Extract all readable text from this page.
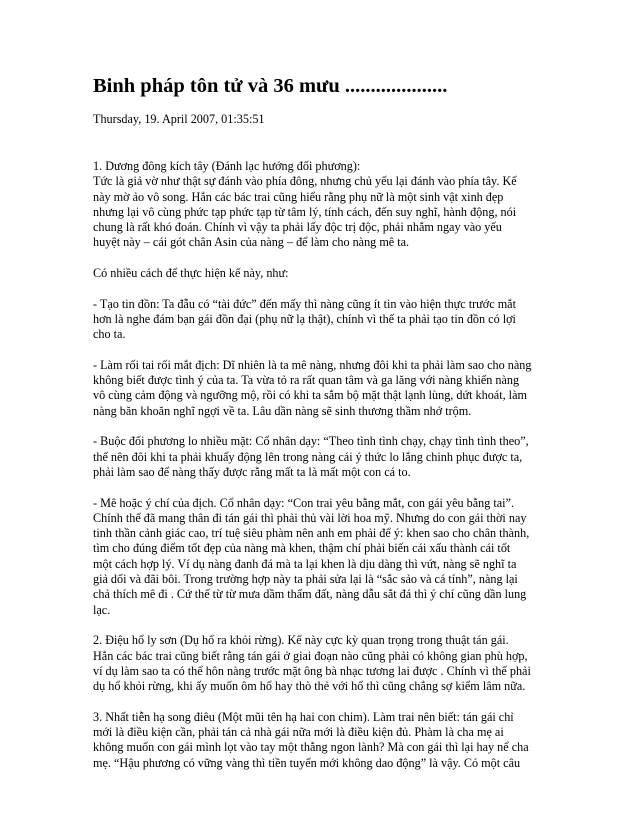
Binh pháp tôn tử và 36 mưu ....................
Thursday, 19. April 2007, 01:35:51
1. Dương đông kích tây (Đánh lạc hướng đối phương):
Tức là giả vờ như thật sự đánh vào phía đông, nhưng chủ yếu lại đánh vào phía tây. Kế
này mờ ảo vô song. Hẳn các bác trai cũng hiểu rằng phụ nữ là một sinh vật xinh đẹp
nhưng lại vô cùng phức tạp phức tạp từ tâm lý, tính cách, đến suy nghĩ, hành động, nói
chung là rất khó đoán. Chính vì vậy ta phải lấy độc trị độc, phải nhắm ngay vào yếu
huyệt này – cái gót chân Asin của nàng – để làm cho nàng mê ta.
Có nhiều cách để thực hiện kế này, như:
- Tạo tin đồn: Ta đẫu có “tài đức” đến mấy thì nàng cũng ít tin vào hiện thực trước mắt
hơn là nghe đám bạn gái đồn đại (phụ nữ lạ thật), chính vì thế ta phải tạo tin đồn có lợi
cho ta.
- Làm rối tai rối mắt địch: Dĩ nhiên là ta mê nàng, nhưng đôi khi ta phải làm sao cho nàng
không biết được tình ý của ta. Ta vừa tỏ ra rất quan tâm và ga lăng với nàng khiến nàng
vô cùng cảm động và ngưỡng mộ, rồi có khi ta sắm bộ mặt thật lạnh lùng, dứt khoát, làm
nàng băn khoăn nghĩ ngợi về ta. Lâu dần nàng sẽ sinh thương thầm nhớ trộm.
- Buộc đối phương lo nhiều mặt: Cổ nhân dạy: “Theo tình tình chạy, chạy tình tình theo”,
thế nên đôi khi ta phải khuấy động lên trong nàng cái ý thức lo lắng chinh phục được ta,
phải làm sao để nàng thấy được rằng mất ta là mất một con cá to.
- Mê hoặc ý chí của địch. Cổ nhân dạy: “Con trai yêu bằng mắt, con gái yêu bằng tai”.
Chính thế đã mang thân đi tán gái thì phải thủ vài lời hoa mỹ. Nhưng do con gái thời nay
tinh thần cảnh giác cao, trí tuệ siêu phàm nên anh em phải để ý: khen sao cho chân thành,
tìm cho đúng điểm tốt đẹp của nàng mà khen, thậm chí phải biến cái xấu thành cái tốt
một cách hợp lý. Ví dụ nàng đanh đá mà ta lại khen là dịu dàng thì vứt, nàng sẽ nghĩ ta
giả dối và đãi bôi. Trong trường hợp này ta phải sửa lại là “sắc sảo và cá tính”, nàng lại
chả thích mê đi . Cứ thế từ từ mưa dầm thấm đất, nàng dẫu sắt đá thì ý chí cũng dần lung
lạc.
2. Điệu hổ ly sơn (Dụ hổ ra khỏi rừng). Kế này cực kỳ quan trọng trong thuật tán gái.
Hẳn các bác trai cũng biết rằng tán gái ở giai đoạn nào cũng phải có không gian phù hợp,
ví dụ làm sao ta có thể hôn nàng trước mặt ông bà nhạc tương lai được . Chính vì thế phải
dụ hổ khỏi rừng, khi ấy muốn ôm hổ hay thò thẻ với hổ thì cũng chẳng sợ kiểm lâm nữa.
3. Nhất tiễn hạ song điêu (Một mũi tên hạ hai con chim). Làm trai nên biết: tán gái chỉ
mới là điều kiện cần, phải tán cả nhà gái nữa mới là điều kiện đủ. Phàm là cha mẹ ai
không muốn con gái mình lọt vào tay một thằng ngon lành? Mà con gái thì lại hay nể cha
mẹ. “Hậu phương có vững vàng thì tiền tuyến mới không dao động” là vậy. Có một câu
